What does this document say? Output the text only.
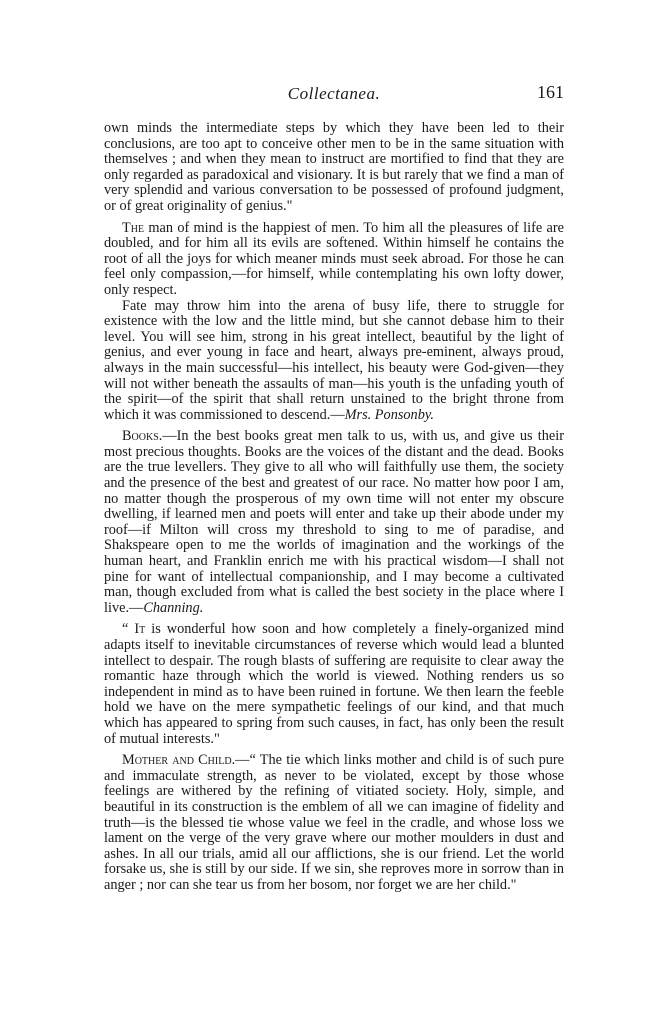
Collectanea.	161

own minds the intermediate steps by which they have been led to their conclusions, are too apt to conceive other men to be in the same situation with themselves ; and when they mean to instruct are mortified to find that they are only regarded as paradoxical and visionary. It is but rarely that we find a man of very splendid and various conversation to be possessed of profound judgment, or of great originality of genius."

The man of mind is the happiest of men. To him all the pleasures of life are doubled, and for him all its evils are softened. Within himself he contains the root of all the joys for which meaner minds must seek abroad. For those he can feel only compassion,—for himself, while contemplating his own lofty dower, only respect.

Fate may throw him into the arena of busy life, there to struggle for existence with the low and the little mind, but she cannot debase him to their level. You will see him, strong in his great intellect, beautiful by the light of genius, and ever young in face and heart, always pre-eminent, always proud, always in the main successful—his intellect, his beauty were God-given—they will not wither beneath the assaults of man—his youth is the unfading youth of the spirit—of the spirit that shall return unstained to the bright throne from which it was commissioned to descend.—Mrs. Ponsonby.

Books.—In the best books great men talk to us, with us, and give us their most precious thoughts. Books are the voices of the distant and the dead. Books are the true levellers. They give to all who will faithfully use them, the society and the presence of the best and greatest of our race. No matter how poor I am, no matter though the prosperous of my own time will not enter my obscure dwelling, if learned men and poets will enter and take up their abode under my roof—if Milton will cross my threshold to sing to me of paradise, and Shakspeare open to me the worlds of imagination and the workings of the human heart, and Franklin enrich me with his practical wisdom—I shall not pine for want of intellectual companionship, and I may become a cultivated man, though excluded from what is called the best society in the place where I live.—Channing.

“ It is wonderful how soon and how completely a finely-organized mind adapts itself to inevitable circumstances of reverse which would lead a blunted intellect to despair. The rough blasts of suffering are requisite to clear away the romantic haze through which the world is viewed. Nothing renders us so independent in mind as to have been ruined in fortune. We then learn the feeble hold we have on the mere sympathetic feelings of our kind, and that much which has appeared to spring from such causes, in fact, has only been the result of mutual interests."

Mother and Child.—“ The tie which links mother and child is of such pure and immaculate strength, as never to be violated, except by those whose feelings are withered by the refining of vitiated society. Holy, simple, and beautiful in its construction is the emblem of all we can imagine of fidelity and truth—is the blessed tie whose value we feel in the cradle, and whose loss we lament on the verge of the very grave where our mother moulders in dust and ashes. In all our trials, amid all our afflictions, she is our friend. Let the world forsake us, she is still by our side. If we sin, she reproves more in sorrow than in anger ; nor can she tear us from her bosom, nor forget we are her child."
